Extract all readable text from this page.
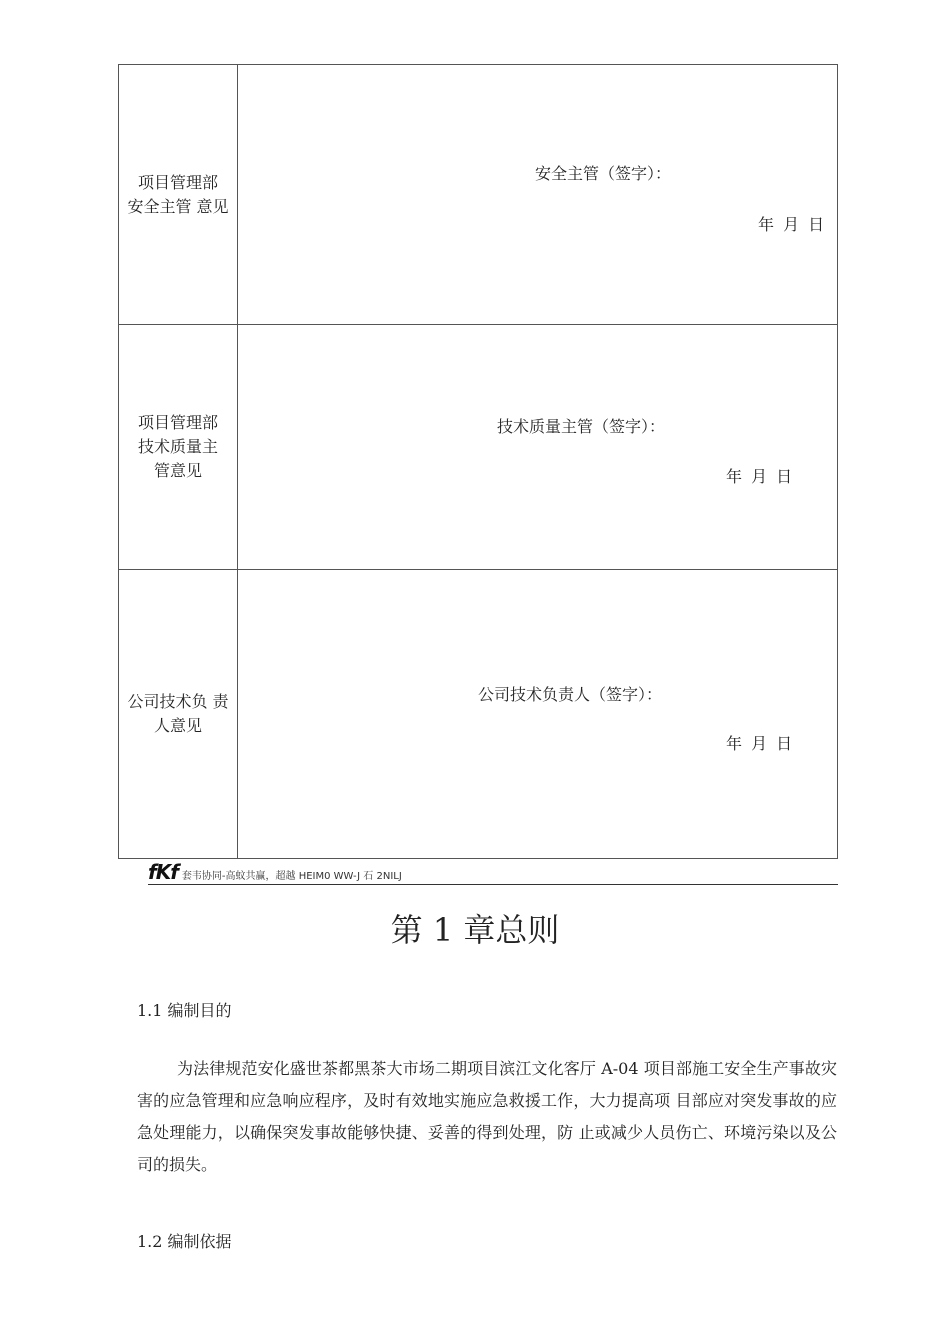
项目管理部
安全主管 意见
安全主管（签字）：
年 月 日
项目管理部
技术质量主
管意见
技术质量主管（签字）：
年 月 日
公司技术负 责
人意见
公司技术负责人（签字）：
年 月 日
fKf 套韦协同-高蚊共赢，超越 HEIM0 WW-J 石 2NILJ
第 1 章总则
1.1 编制目的

为法律规范安化盛世茶都黑茶大市场二期项目滨江文化客厅 A-04 项目部施工安全生产事故灾害的应急管理和应急响应程序，及时有效地实施应急救援工作，大力提高项 目部应对突发事故的应急处理能力，以确保突发事故能够快捷、妥善的得到处理，防 止或减少人员伤亡、环境污染以及公司的损失。

1.2 编制依据
